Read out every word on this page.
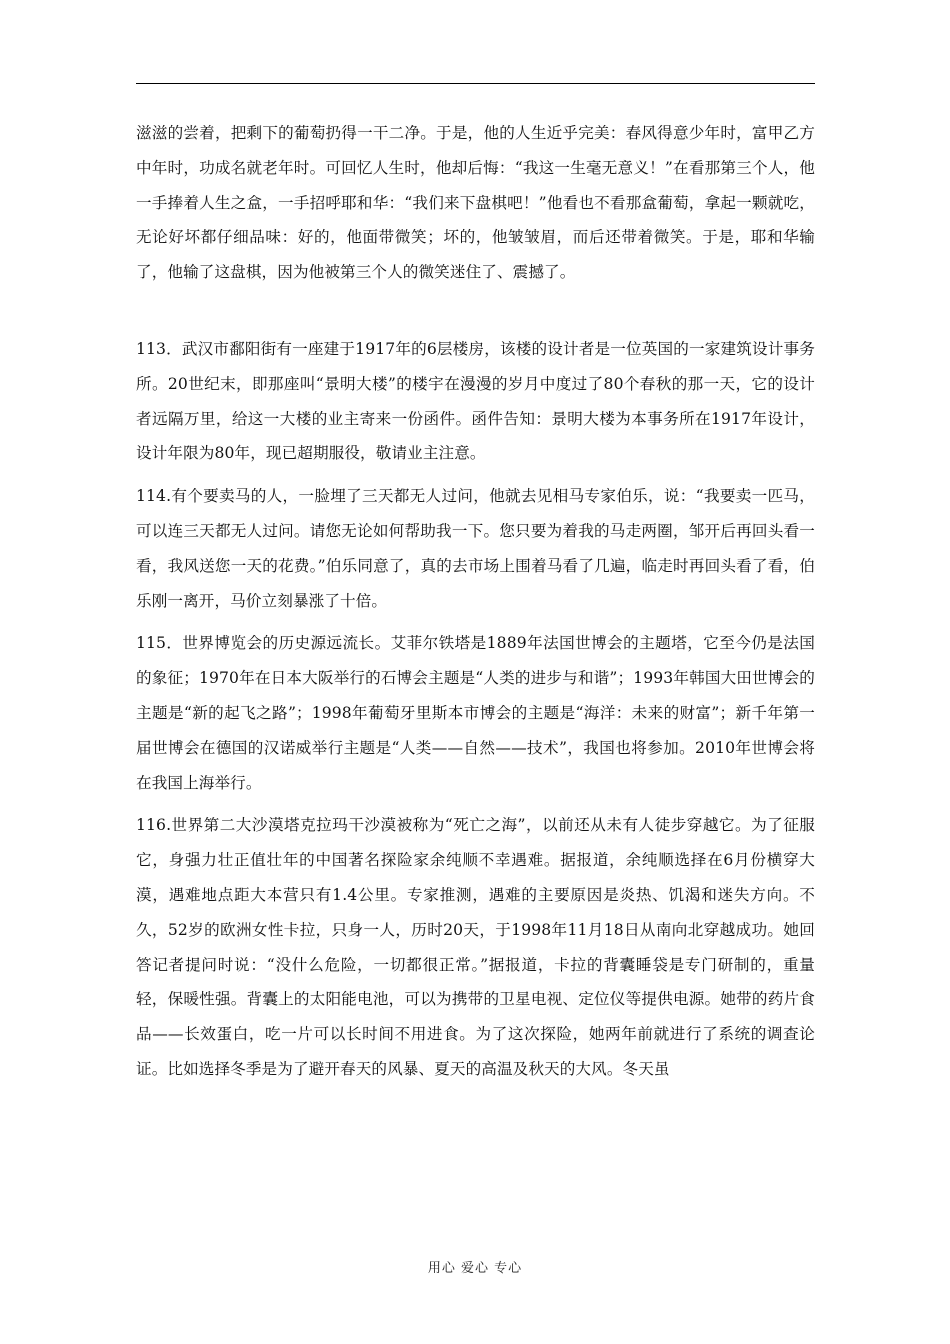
滋滋的尝着，把剩下的葡萄扔得一干二净。于是，他的人生近乎完美：春风得意少年时，富甲乙方中年时，功成名就老年时。可回忆人生时，他却后悔：“我这一生毫无意义！”在看那第三个人，他一手捧着人生之盒，一手招呼耶和华：“我们来下盘棋吧！”他看也不看那盒葡萄，拿起一颗就吃，无论好坏都仔细品味：好的，他面带微笑；坏的，他皱皱眉，而后还带着微笑。于是，耶和华输了，他输了这盘棋，因为他被第三个人的微笑迷住了、震撼了。

113．武汉市鄱阳街有一座建于1917年的6层楼房，该楼的设计者是一位英国的一家建筑设计事务所。20世纪末，即那座叫“景明大楼”的楼宇在漫漫的岁月中度过了80个春秋的那一天，它的设计者远隔万里，给这一大楼的业主寄来一份函件。函件告知：景明大楼为本事务所在1917年设计，设计年限为80年，现已超期服役，敬请业主注意。

114.有个要卖马的人，一脸埋了三天都无人过问，他就去见相马专家伯乐，说：“我要卖一匹马，可以连三天都无人过问。请您无论如何帮助我一下。您只要为着我的马走两圈，邹开后再回头看一看，我风送您一天的花费。”伯乐同意了，真的去市场上围着马看了几遍，临走时再回头看了看，伯乐刚一离开，马价立刻暴涨了十倍。

115．世界博览会的历史源远流长。艾菲尔铁塔是1889年法国世博会的主题塔，它至今仍是法国的象征；1970年在日本大阪举行的石博会主题是“人类的进步与和谐”；1993年韩国大田世博会的主题是“新的起飞之路”；1998年葡萄牙里斯本市博会的主题是“海洋：未来的财富”；新千年第一届世博会在德国的汉诺威举行主题是“人类——自然——技术”，我国也将参加。2010年世博会将在我国上海举行。

116.世界第二大沙漠塔克拉玛干沙漠被称为“死亡之海”，以前还从未有人徒步穿越它。为了征服它，身强力壮正值壮年的中国著名探险家余纯顺不幸遇难。据报道，余纯顺选择在6月份横穿大漠，遇难地点距大本营只有1.4公里。专家推测，遇难的主要原因是炎热、饥渴和迷失方向。不久，52岁的欧洲女性卡拉，只身一人，历时20天，于1998年11月18日从南向北穿越成功。她回答记者提问时说：“没什么危险，一切都很正常。”据报道，卡拉的背囊睡袋是专门研制的，重量轻，保暖性强。背囊上的太阳能电池，可以为携带的卫星电视、定位仪等提供电源。她带的药片食品——长效蛋白，吃一片可以长时间不用进食。为了这次探险，她两年前就进行了系统的调查论证。比如选择冬季是为了避开春天的风暴、夏天的高温及秋天的大风。冬天虽

用心 爱心 专心
